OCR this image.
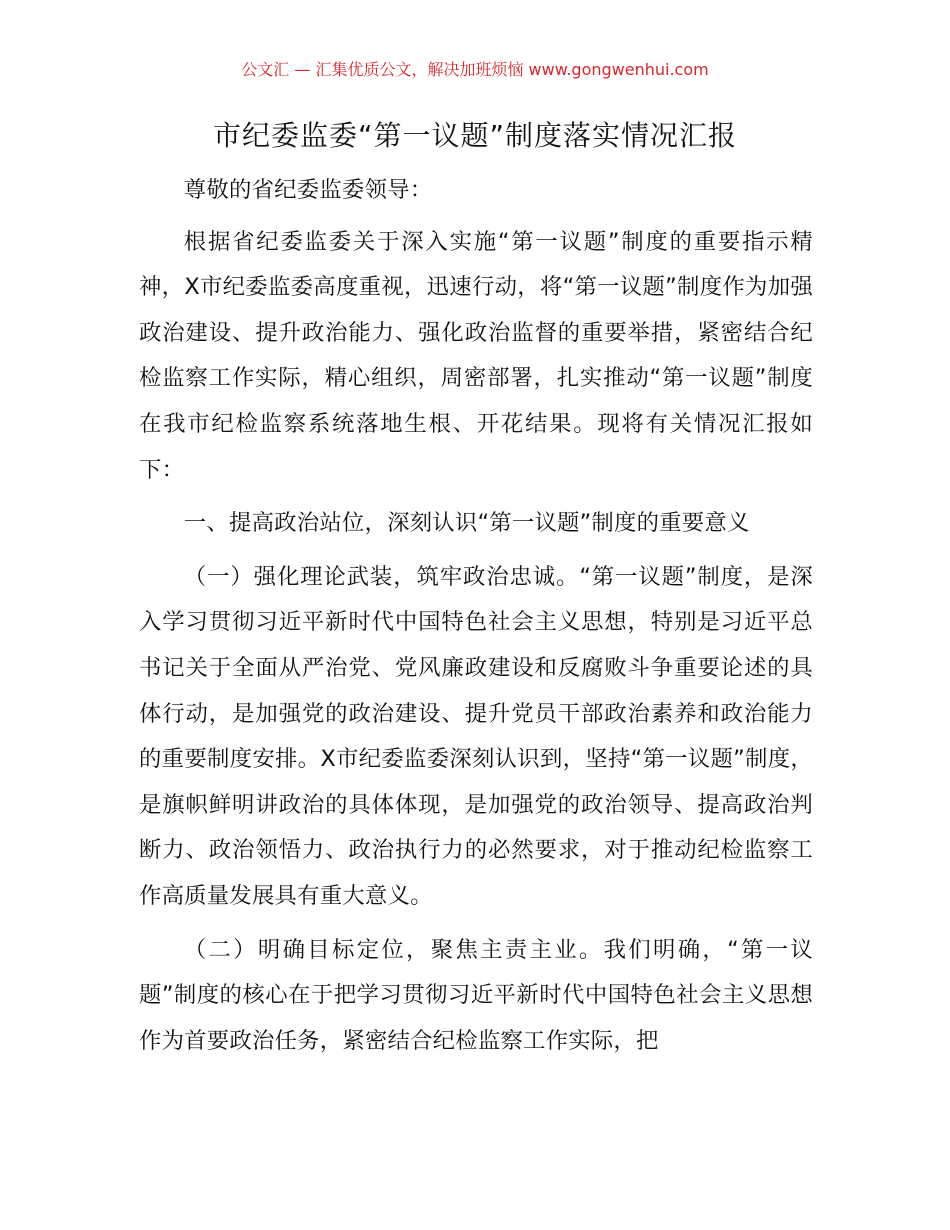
公文汇 — 汇集优质公文，解决加班烦恼 www.gongwenhui.com
市纪委监委“第一议题”制度落实情况汇报

尊敬的省纪委监委领导：

根据省纪委监委关于深入实施“第一议题”制度的重要指示精神，X市纪委监委高度重视，迅速行动，将“第一议题”制度作为加强政治建设、提升政治能力、强化政治监督的重要举措，紧密结合纪检监察工作实际，精心组织，周密部署，扎实推动“第一议题”制度在我市纪检监察系统落地生根、开花结果。现将有关情况汇报如下：

一、提高政治站位，深刻认识“第一议题”制度的重要意义

（一）强化理论武装，筑牢政治忠诚。“第一议题”制度，是深入学习贯彻习近平新时代中国特色社会主义思想，特别是习近平总书记关于全面从严治党、党风廉政建设和反腐败斗争重要论述的具体行动，是加强党的政治建设、提升党员干部政治素养和政治能力的重要制度安排。X市纪委监委深刻认识到，坚持“第一议题”制度，是旗帜鲜明讲政治的具体体现，是加强党的政治领导、提高政治判断力、政治领悟力、政治执行力的必然要求，对于推动纪检监察工作高质量发展具有重大意义。

（二）明确目标定位，聚焦主责主业。我们明确，“第一议题”制度的核心在于把学习贯彻习近平新时代中国特色社会主义思想作为首要政治任务，紧密结合纪检监察工作实际，把
